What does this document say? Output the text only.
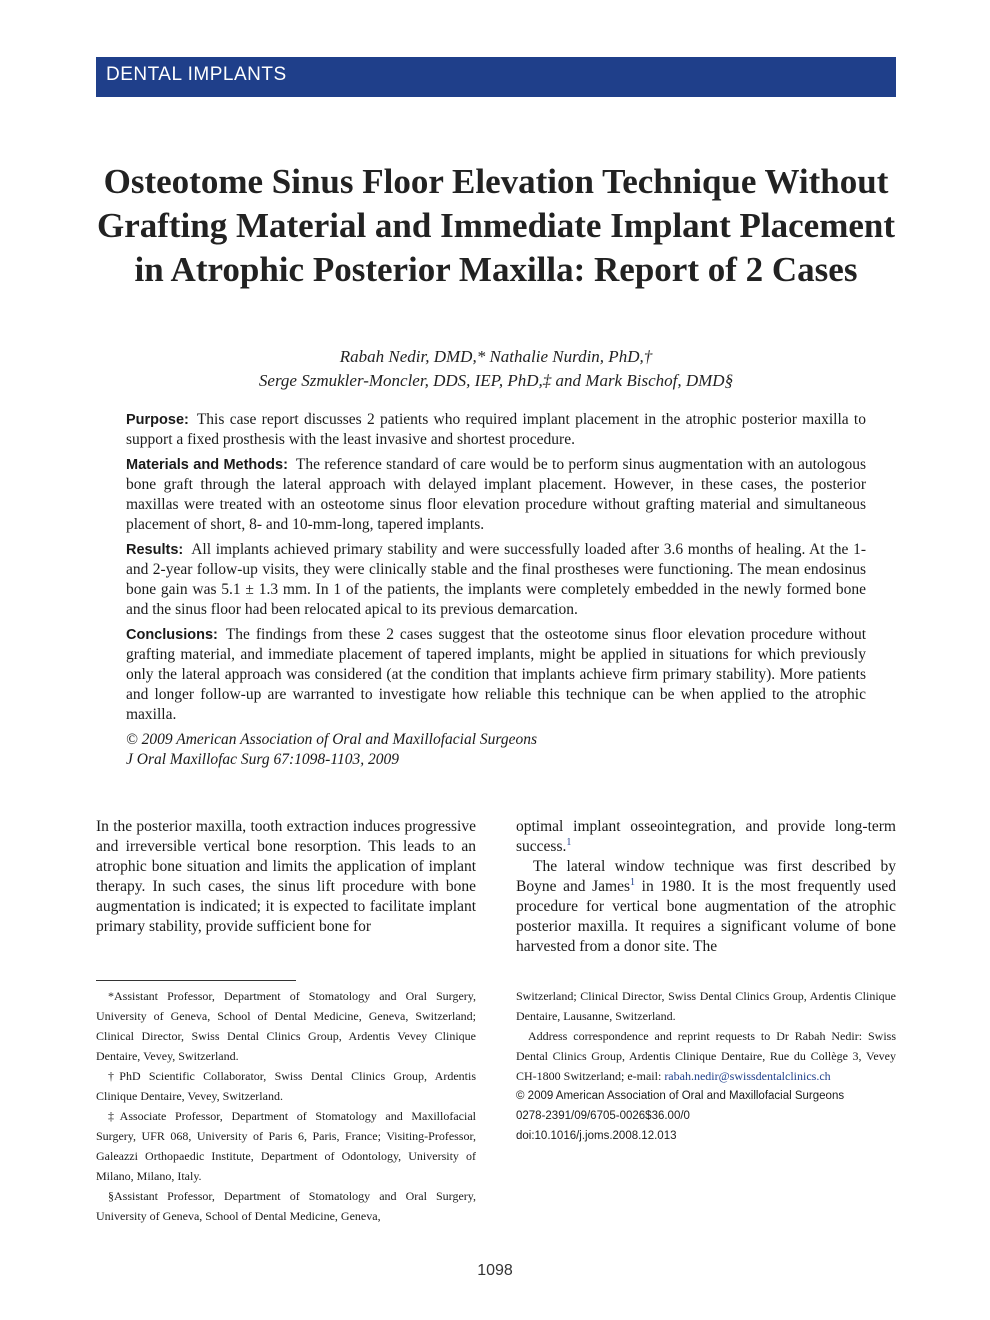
DENTAL IMPLANTS
Osteotome Sinus Floor Elevation Technique Without Grafting Material and Immediate Implant Placement in Atrophic Posterior Maxilla: Report of 2 Cases
Rabah Nedir, DMD,* Nathalie Nurdin, PhD,†
Serge Szmukler-Moncler, DDS, IEP, PhD,‡ and Mark Bischof, DMD§

Purpose: This case report discusses 2 patients who required implant placement in the atrophic posterior maxilla to support a fixed prosthesis with the least invasive and shortest procedure.

Materials and Methods: The reference standard of care would be to perform sinus augmentation with an autologous bone graft through the lateral approach with delayed implant placement. However, in these cases, the posterior maxillas were treated with an osteotome sinus floor elevation procedure without grafting material and simultaneous placement of short, 8- and 10-mm-long, tapered implants.

Results: All implants achieved primary stability and were successfully loaded after 3.6 months of healing. At the 1- and 2-year follow-up visits, they were clinically stable and the final prostheses were functioning. The mean endosinus bone gain was 5.1 ± 1.3 mm. In 1 of the patients, the implants were completely embedded in the newly formed bone and the sinus floor had been relocated apical to its previous demarcation.

Conclusions: The findings from these 2 cases suggest that the osteotome sinus floor elevation procedure without grafting material, and immediate placement of tapered implants, might be applied in situations for which previously only the lateral approach was considered (at the condition that implants achieve firm primary stability). More patients and longer follow-up are warranted to investigate how reliable this technique can be when applied to the atrophic maxilla.

© 2009 American Association of Oral and Maxillofacial Surgeons

J Oral Maxillofac Surg 67:1098-1103, 2009

In the posterior maxilla, tooth extraction induces progressive and irreversible vertical bone resorption. This leads to an atrophic bone situation and limits the application of implant therapy. In such cases, the sinus lift procedure with bone augmentation is indicated; it is expected to facilitate implant primary stability, provide sufficient bone for

optimal implant osseointegration, and provide long-term success.$^1$

The lateral window technique was first described by Boyne and James$^1$ in 1980. It is the most frequently used procedure for vertical bone augmentation of the atrophic posterior maxilla. It requires a significant volume of bone harvested from a donor site. The

*Assistant Professor, Department of Stomatology and Oral Surgery, University of Geneva, School of Dental Medicine, Geneva, Switzerland; Clinical Director, Swiss Dental Clinics Group, Ardentis Vevey Clinique Dentaire, Vevey, Switzerland.

†PhD Scientific Collaborator, Swiss Dental Clinics Group, Ardentis Clinique Dentaire, Vevey, Switzerland.

‡Associate Professor, Department of Stomatology and Maxillofacial Surgery, UFR 068, University of Paris 6, Paris, France; Visiting-Professor, Galeazzi Orthopaedic Institute, Department of Odontology, University of Milano, Milano, Italy.

§Assistant Professor, Department of Stomatology and Oral Surgery, University of Geneva, School of Dental Medicine, Geneva,

Switzerland; Clinical Director, Swiss Dental Clinics Group, Ardentis Clinique Dentaire, Lausanne, Switzerland.

Address correspondence and reprint requests to Dr Rabah Nedir: Swiss Dental Clinics Group, Ardentis Clinique Dentaire, Rue du Collège 3, Vevey CH-1800 Switzerland; e-mail: rabah.nedir@swissdentalclinics.ch

© 2009 American Association of Oral and Maxillofacial Surgeons

0278-2391/09/6705-0026$36.00/0

doi:10.1016/j.joms.2008.12.013

1098
